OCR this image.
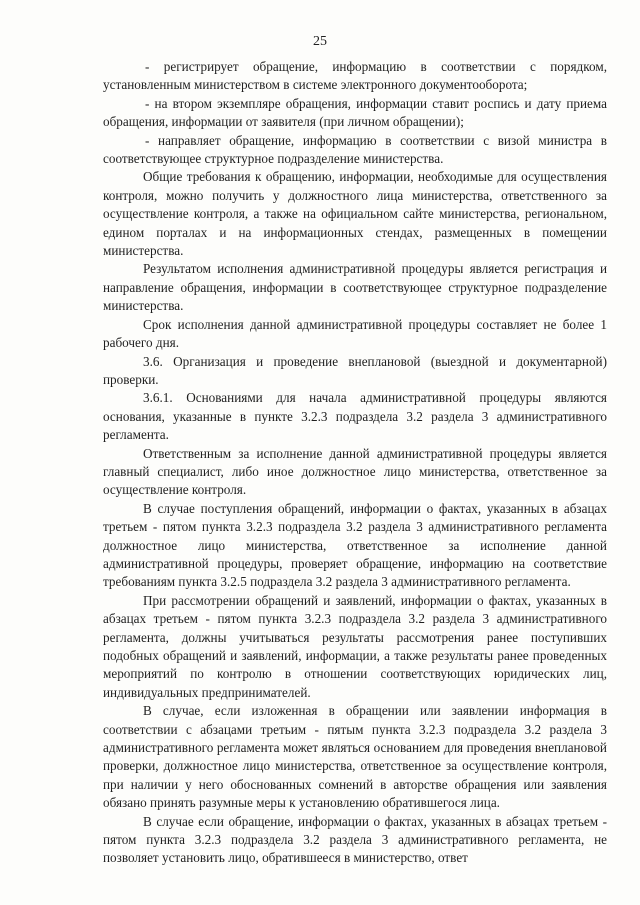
25

- регистрирует обращение, информацию в соответствии с порядком, установленным министерством в системе электронного документооборота;

- на втором экземпляре обращения, информации ставит роспись и дату приема обращения, информации от заявителя (при личном обращении);

- направляет обращение, информацию в соответствии с визой министра в соответствующее структурное подразделение министерства.

Общие требования к обращению, информации, необходимые для осуществления контроля, можно получить у должностного лица министерства, ответственного за осуществление контроля, а также на официальном сайте министерства, региональном, едином порталах и на информационных стендах, размещенных в помещении министерства.

Результатом исполнения административной процедуры является регистрация и направление обращения, информации в соответствующее структурное подразделение министерства.

Срок исполнения данной административной процедуры составляет не более 1 рабочего дня.

3.6. Организация и проведение внеплановой (выездной и документарной) проверки.

3.6.1. Основаниями для начала административной процедуры являются основания, указанные в пункте 3.2.3 подраздела 3.2 раздела 3 административного регламента.

Ответственным за исполнение данной административной процедуры является главный специалист, либо иное должностное лицо министерства, ответственное за осуществление контроля.

В случае поступления обращений, информации о фактах, указанных в абзацах третьем - пятом пункта 3.2.3 подраздела 3.2 раздела 3 административного регламента должностное лицо министерства, ответственное за исполнение данной административной процедуры, проверяет обращение, информацию на соответствие требованиям пункта 3.2.5 подраздела 3.2 раздела 3 административного регламента.

При рассмотрении обращений и заявлений, информации о фактах, указанных в абзацах третьем - пятом пункта 3.2.3 подраздела 3.2 раздела 3 административного регламента, должны учитываться результаты рассмотрения ранее поступивших подобных обращений и заявлений, информации, а также результаты ранее проведенных мероприятий по контролю в отношении соответствующих юридических лиц, индивидуальных предпринимателей.

В случае, если изложенная в обращении или заявлении информация в соответствии с абзацами третьим - пятым пункта 3.2.3 подраздела 3.2 раздела 3 административного регламента может являться основанием для проведения внеплановой проверки, должностное лицо министерства, ответственное за осуществление контроля, при наличии у него обоснованных сомнений в авторстве обращения или заявления обязано принять разумные меры к установлению обратившегося лица.

В случае если обращение, информации о фактах, указанных в абзацах третьем - пятом пункта 3.2.3 подраздела 3.2 раздела 3 административного регламента, не позволяет установить лицо, обратившееся в министерство, ответ
